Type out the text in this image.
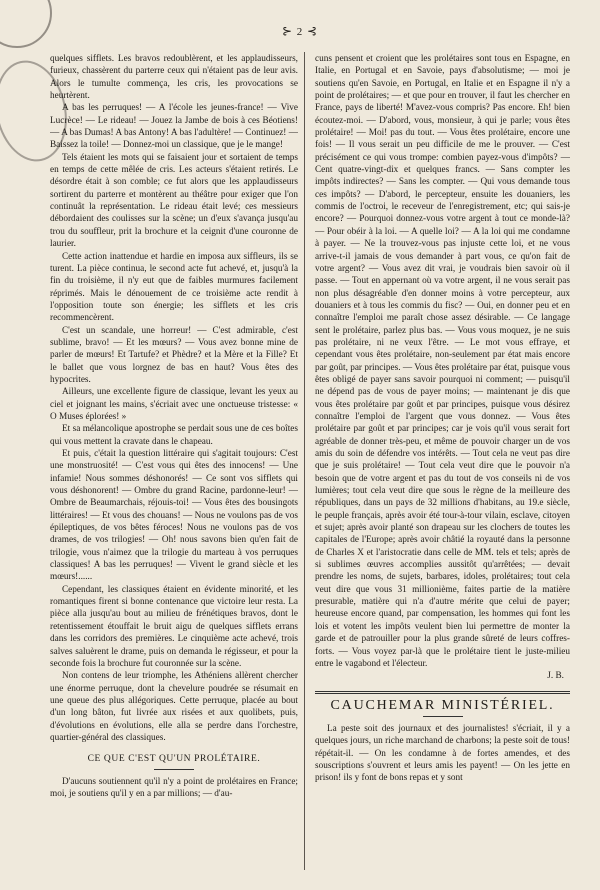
⊱ 2 ⊰

quelques sifflets. Les bravos redoublèrent, et les applaudisseurs, furieux, chassèrent du parterre ceux qui n'étaient pas de leur avis. Alors le tumulte commença, les cris, les provocations se heurtèrent.

A bas les perruques! — A l'école les jeunes-france! — Vive Lucrèce! — Le rideau! — Jouez la Jambe de bois à ces Béotiens! — A bas Dumas! A bas Antony! A bas l'adultère! — Continuez! — Baissez la toile! — Donnez-moi un classique, que je le mange!

Tels étaient les mots qui se faisaient jour et sortaient de temps en temps de cette mêlée de cris. Les acteurs s'étaient retirés. Le désordre était à son comble; ce fut alors que les applaudisseurs sortirent du parterre et montèrent au théâtre pour exiger que l'on continuât la représentation. Le rideau était levé; ces messieurs débordaient des coulisses sur la scène; un d'eux s'avança jusqu'au trou du souffleur, prit la brochure et la ceignit d'une couronne de laurier.

Cette action inattendue et hardie en imposa aux siffleurs, ils se turent. La pièce continua, le second acte fut achevé, et, jusqu'à la fin du troisième, il n'y eut que de faibles murmures facilement réprimés. Mais le dénouement de ce troisième acte rendit à l'opposition toute son énergie; les sifflets et les cris recommencèrent.

C'est un scandale, une horreur! — C'est admirable, c'est sublime, bravo! — Et les mœurs? — Vous avez bonne mine de parler de mœurs! Et Tartufe? et Phèdre? et la Mère et la Fille? Et le ballet que vous lorgnez de bas en haut? Vous êtes des hypocrites.

Ailleurs, une excellente figure de classique, levant les yeux au ciel et joignant les mains, s'écriait avec une onctueuse tristesse: « O Muses éplorées! »

Et sa mélancolique apostrophe se perdait sous une de ces boîtes qui vous mettent la cravate dans le chapeau.

Et puis, c'était la question littéraire qui s'agitait toujours: C'est une monstruosité! — C'est vous qui êtes des innocens! — Une infamie! Nous sommes déshonorés! — Ce sont vos sifflets qui vous déshonorent! — Ombre du grand Racine, pardonne-leur! — Ombre de Beaumarchais, réjouis-toi! — Vous êtes des bousingots littéraires! — Et vous des chouans! — Nous ne voulons pas de vos épileptiques, de vos bêtes féroces! Nous ne voulons pas de vos drames, de vos trilogies! — Oh! nous savons bien qu'en fait de trilogie, vous n'aimez que la trilogie du marteau à vos perruques classiques! A bas les perruques! — Vivent le grand siècle et les mœurs!......

Cependant, les classiques étaient en évidente minorité, et les romantiques firent si bonne contenance que victoire leur resta. La pièce alla jusqu'au bout au milieu de frénétiques bravos, dont le retentissement étouffait le bruit aigu de quelques sifflets errans dans les corridors des premières. Le cinquième acte achevé, trois salves saluèrent le drame, puis on demanda le régisseur, et pour la seconde fois la brochure fut couronnée sur la scène.

Non contens de leur triomphe, les Athéniens allèrent chercher une énorme perruque, dont la chevelure poudrée se résumait en une queue des plus allégoriques. Cette perruque, placée au bout d'un long bâton, fut livrée aux risées et aux quolibets, puis, d'évolutions en évolutions, elle alla se perdre dans l'orchestre, quartier-général des classiques.

CE QUE C'EST QU'UN PROLÉTAIRE.

D'aucuns soutiennent qu'il n'y a point de prolétaires en France; moi, je soutiens qu'il y en a par millions; — d'au-

cuns pensent et croient que les prolétaires sont tous en Espagne, en Italie, en Portugal et en Savoie, pays d'absolutisme; — moi je soutiens qu'en Savoie, en Portugal, en Italie et en Espagne il n'y a point de prolétaires; — et que pour en trouver, il faut les chercher en France, pays de liberté! M'avez-vous compris? Pas encore. Eh! bien écoutez-moi. — D'abord, vous, monsieur, à qui je parle; vous êtes prolétaire! — Moi! pas du tout. — Vous êtes prolétaire, encore une fois! — Il vous serait un peu difficile de me le prouver. — C'est précisément ce qui vous trompe: combien payez-vous d'impôts? — Cent quatre-vingt-dix et quelques francs. — Sans compter les impôts indirectes? — Sans les compter. — Qui vous demande tous ces impôts? — D'abord, le percepteur, ensuite les douaniers, les commis de l'octroi, le receveur de l'enregistrement, etc; qui sais-je encore? — Pourquoi donnez-vous votre argent à tout ce monde-là? — Pour obéir à la loi. — A quelle loi? — A la loi qui me condamne à payer. — Ne la trouvez-vous pas injuste cette loi, et ne vous arrive-t-il jamais de vous demander à part vous, ce qu'on fait de votre argent? — Vous avez dit vrai, je voudrais bien savoir où il passe. — Tout en appernant où va votre argent, il ne vous serait pas non plus désagréable d'en donner moins à votre percepteur, aux douaniers et à tous les commis du fisc? — Oui, en donner peu et en connaître l'emploi me paraît chose assez désirable. — Ce langage sent le prolétaire, parlez plus bas. — Vous vous moquez, je ne suis pas prolétaire, ni ne veux l'être. — Le mot vous effraye, et cependant vous êtes prolétaire, non-seulement par état mais encore par goût, par principes. — Vous êtes prolétaire par état, puisque vous êtes obligé de payer sans savoir pourquoi ni comment; — puisqu'il ne dépend pas de vous de payer moins; — maintenant je dis que vous êtes prolétaire par goût et par principes, puisque vous désirez connaître l'emploi de l'argent que vous donnez. — Vous êtes prolétaire par goût et par principes; car je vois qu'il vous serait fort agréable de donner très-peu, et même de pouvoir charger un de vos amis du soin de défendre vos intérêts. — Tout cela ne veut pas dire que je suis prolétaire! — Tout cela veut dire que le pouvoir n'a besoin que de votre argent et pas du tout de vos conseils ni de vos lumières; tout cela veut dire que sous le règne de la meilleure des républiques, dans un pays de 32 millions d'habitans, au 19.e siècle, le peuple français, après avoir été tour-à-tour vilain, esclave, citoyen et sujet; après avoir planté son drapeau sur les clochers de toutes les capitales de l'Europe; après avoir châtié la royauté dans la personne de Charles X et l'aristocratie dans celle de MM. tels et tels; après de si sublimes œuvres accomplies aussitôt qu'arrêtées; — devait prendre les noms, de sujets, barbares, idoles, prolétaires; tout cela veut dire que vous 31 millionième, faites partie de la matière presurable, matière qui n'a d'autre mérite que celui de payer; heureuse encore quand, par compensation, les hommes qui font les lois et votent les impôts veulent bien lui permettre de monter la garde et de patrouiller pour la plus grande sûreté de leurs coffres-forts. — Vous voyez par-là que le prolétaire tient le juste-milieu entre le vagabond et l'électeur.

J. B.

CAUCHEMAR MINISTÉRIEL.

La peste soit des journaux et des journalistes! s'écriait, il y a quelques jours, un riche marchand de charbons; la peste soit de tous! répétait-il. — On les condamne à de fortes amendes, et des souscriptions s'ouvrent et leurs amis les payent! — On les jette en prison! ils y font de bons repas et y sont
